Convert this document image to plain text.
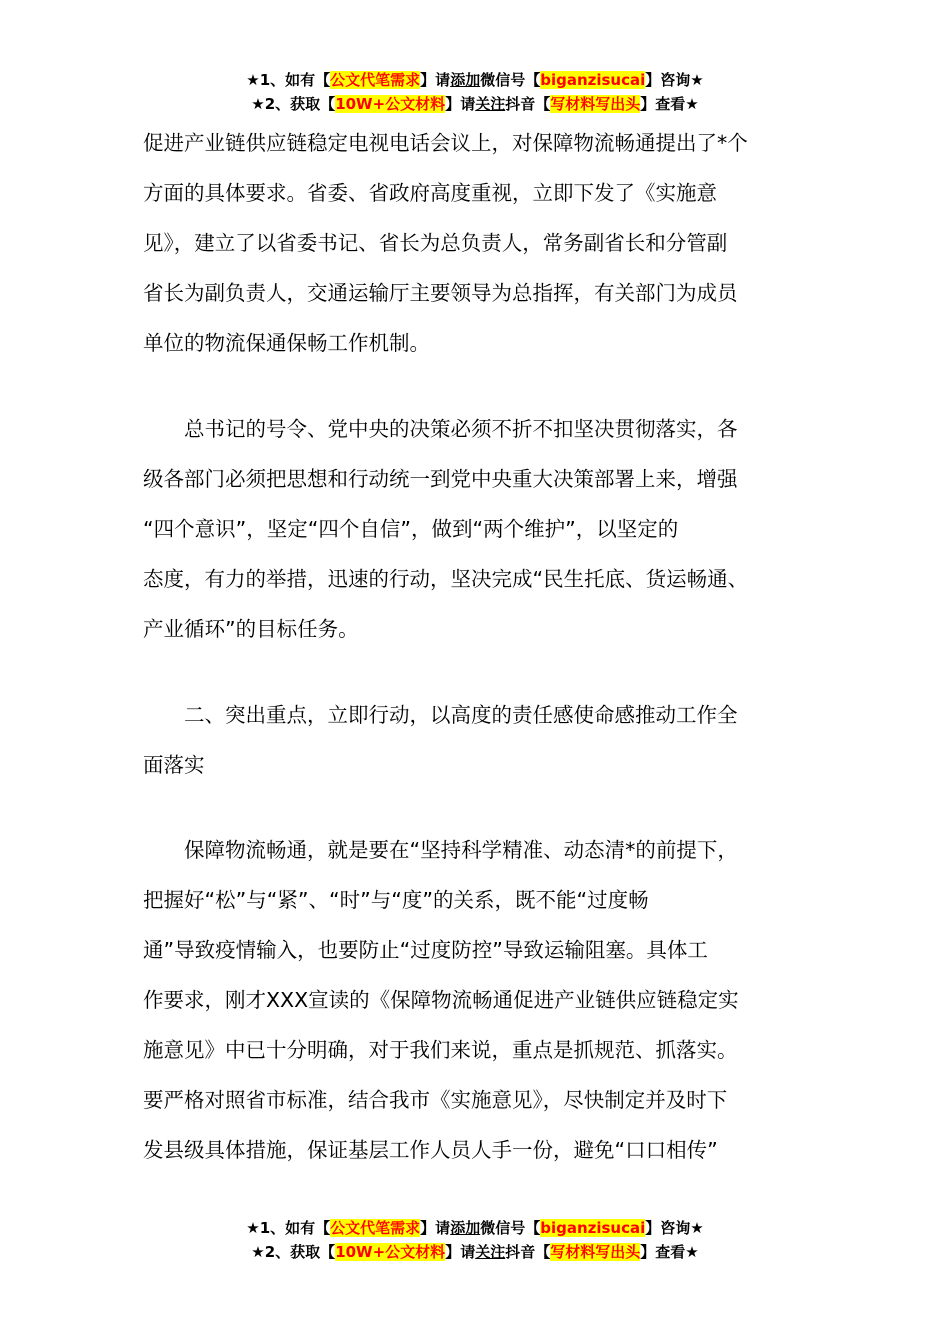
★1、如有【公文代笔需求】请添加微信号【biganzisucai】咨询★
★2、获取【10W+公文材料】请关注抖音【写材料写出头】查看★

促进产业链供应链稳定电视电话会议上，对保障物流畅通提出了*个
方面的具体要求。省委、省政府高度重视，立即下发了《实施意
见》，建立了以省委书记、省长为总负责人，常务副省长和分管副
省长为副负责人，交通运输厅主要领导为总指挥，有关部门为成员
单位的物流保通保畅工作机制。

总书记的号令、党中央的决策必须不折不扣坚决贯彻落实，各
级各部门必须把思想和行动统一到党中央重大决策部署上来，增强
“四个意识”，坚定“四个自信”，做到“两个维护”，以坚定的
态度，有力的举措，迅速的行动，坚决完成“民生托底、货运畅通、
产业循环”的目标任务。

二、突出重点，立即行动，以高度的责任感使命感推动工作全
面落实

保障物流畅通，就是要在“坚持科学精准、动态清*的前提下，
把握好“松”与“紧”、“时”与“度”的关系，既不能“过度畅
通”导致疫情输入，也要防止“过度防控”导致运输阻塞。具体工
作要求，刚才XXX宣读的《保障物流畅通促进产业链供应链稳定实
施意见》中已十分明确，对于我们来说，重点是抓规范、抓落实。
要严格对照省市标准，结合我市《实施意见》，尽快制定并及时下
发县级具体措施，保证基层工作人员人手一份，避免“口口相传”

★1、如有【公文代笔需求】请添加微信号【biganzisucai】咨询★
★2、获取【10W+公文材料】请关注抖音【写材料写出头】查看★
